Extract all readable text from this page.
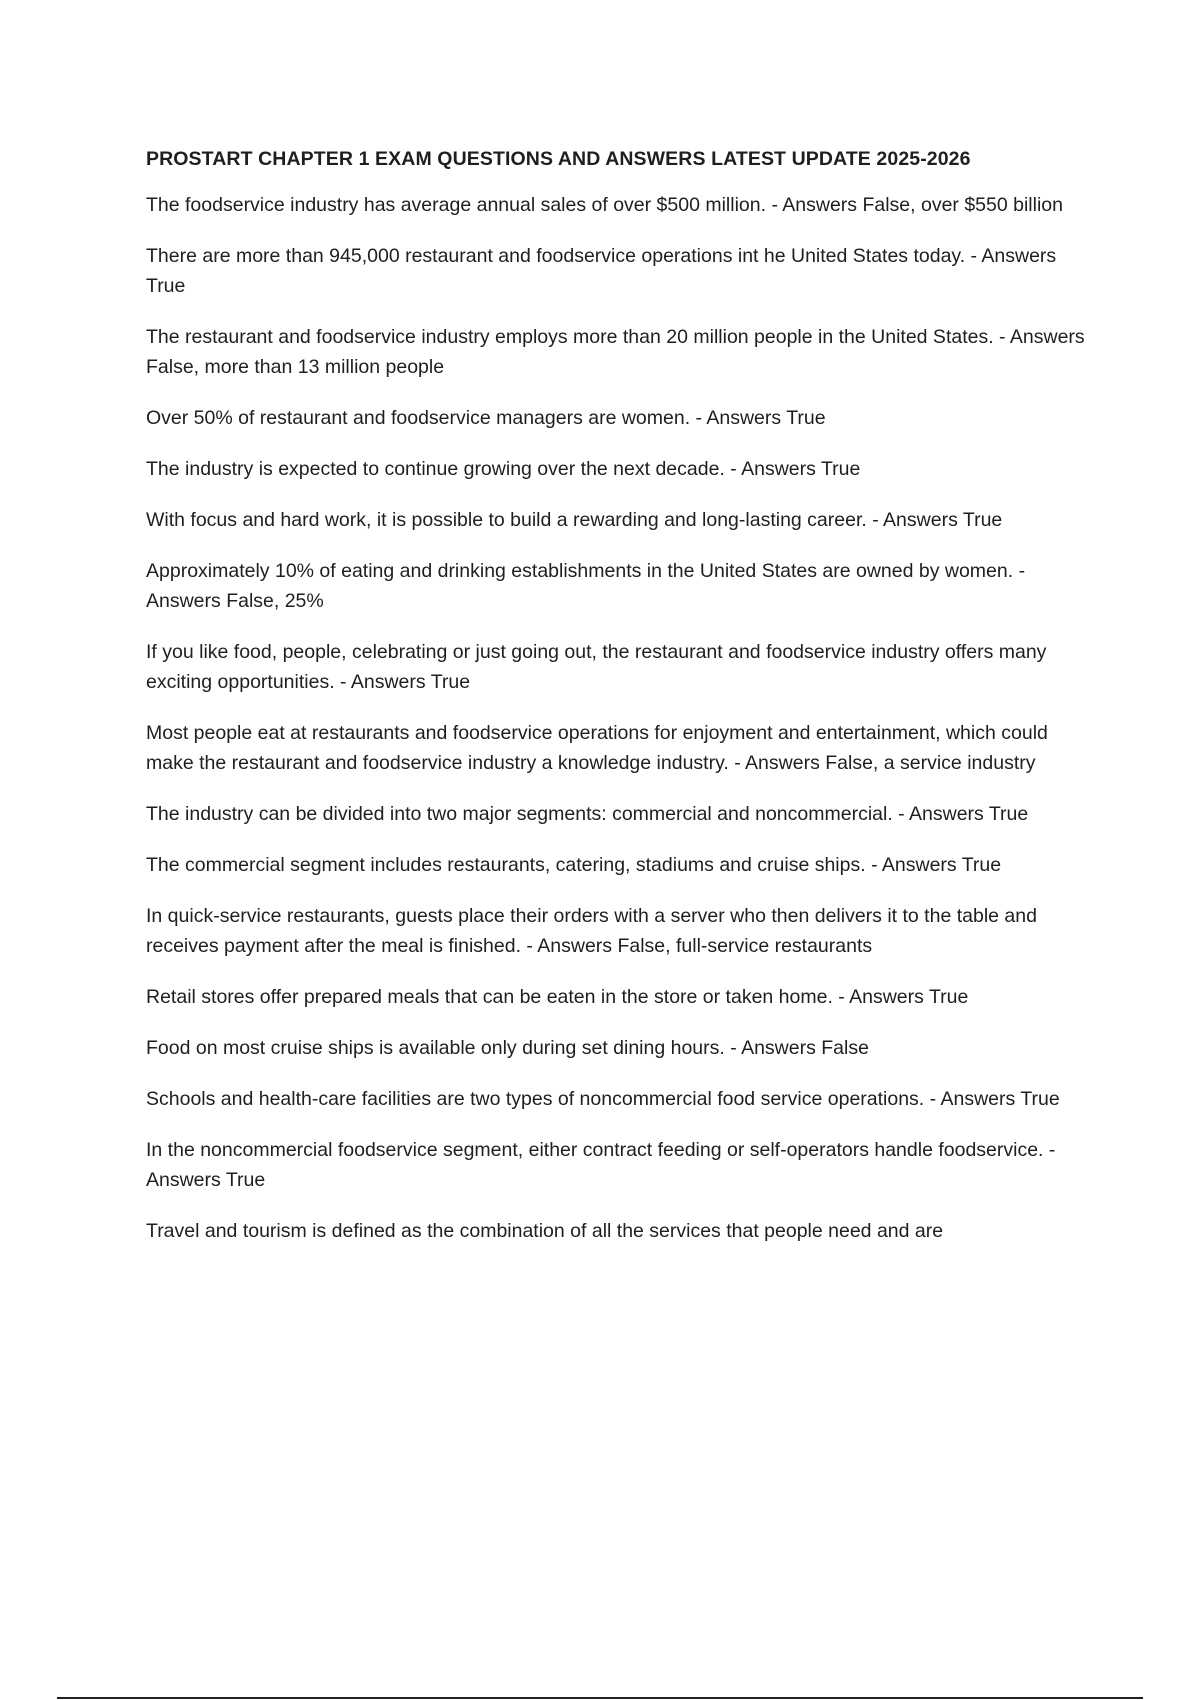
PROSTART CHAPTER 1 EXAM QUESTIONS AND ANSWERS LATEST UPDATE 2025-2026
The foodservice industry has average annual sales of over $500 million. - Answers False, over $550 billion
There are more than 945,000 restaurant and foodservice operations int he United States today. - Answers True
The restaurant and foodservice industry employs more than 20 million people in the United States. - Answers False, more than 13 million people
Over 50% of restaurant and foodservice managers are women. - Answers True
The industry is expected to continue growing over the next decade. - Answers True
With focus and hard work, it is possible to build a rewarding and long-lasting career. - Answers True
Approximately 10% of eating and drinking establishments in the United States are owned by women. - Answers False, 25%
If you like food, people, celebrating or just going out, the restaurant and foodservice industry offers many exciting opportunities. - Answers True
Most people eat at restaurants and foodservice operations for enjoyment and entertainment, which could make the restaurant and foodservice industry a knowledge industry. - Answers False, a service industry
The industry can be divided into two major segments: commercial and noncommercial. - Answers True
The commercial segment includes restaurants, catering, stadiums and cruise ships. - Answers True
In quick-service restaurants, guests place their orders with a server who then delivers it to the table and receives payment after the meal is finished. - Answers False, full-service restaurants
Retail stores offer prepared meals that can be eaten in the store or taken home. - Answers True
Food on most cruise ships is available only during set dining hours. - Answers False
Schools and health-care facilities are two types of noncommercial food service operations. - Answers True
In the noncommercial foodservice segment, either contract feeding or self-operators handle foodservice. - Answers True
Travel and tourism is defined as the combination of all the services that people need and are
